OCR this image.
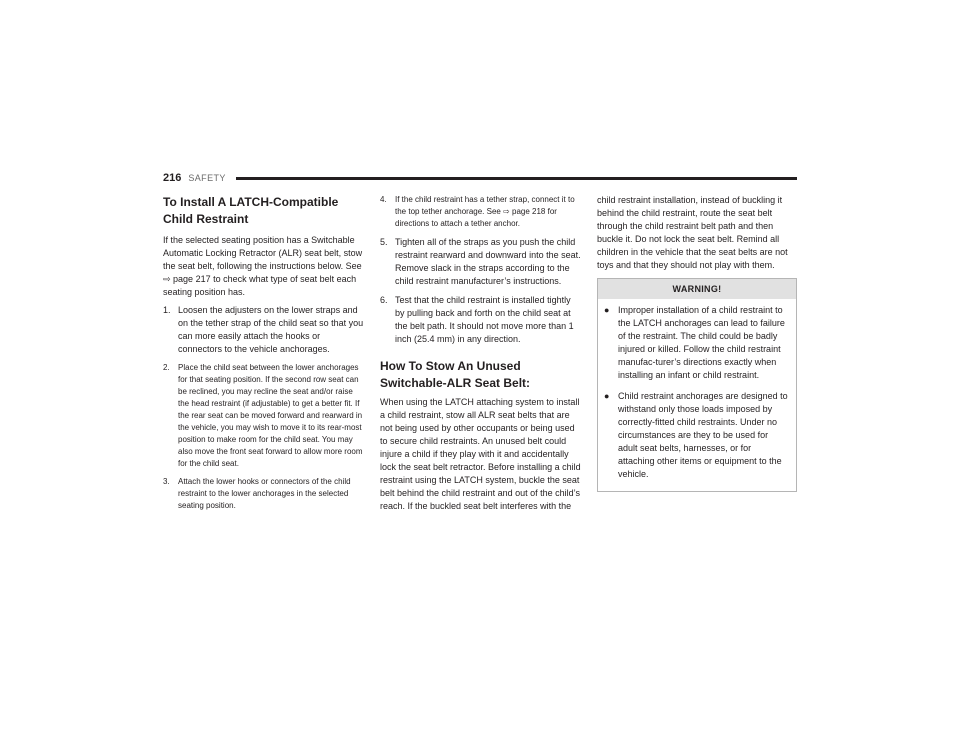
216 SAFETY
To Install A LATCH-Compatible Child Restraint

If the selected seating position has a Switchable Automatic Locking Retractor (ALR) seat belt, stow the seat belt, following the instructions below. See ⇨ page 217 to check what type of seat belt each seating position has.

1. Loosen the adjusters on the lower straps and on the tether strap of the child seat so that you can more easily attach the hooks or connectors to the vehicle anchorages.
2. Place the child seat between the lower anchorages for that seating position. If the second row seat can be reclined, you may recline the seat and/or raise the head restraint (if adjustable) to get a better fit. If the rear seat can be moved forward and rearward in the vehicle, you may wish to move it to its rear-most position to make room for the child seat. You may also move the front seat forward to allow more room for the child seat.
3. Attach the lower hooks or connectors of the child restraint to the lower anchorages in the selected seating position.
4. If the child restraint has a tether strap, connect it to the top tether anchorage. See ⇨ page 218 for directions to attach a tether anchor.
5. Tighten all of the straps as you push the child restraint rearward and downward into the seat. Remove slack in the straps according to the child restraint manufacturer’s instructions.
6. Test that the child restraint is installed tightly by pulling back and forth on the child seat at the belt path. It should not move more than 1 inch (25.4 mm) in any direction.
How To Stow An Unused Switchable-ALR Seat Belt:

When using the LATCH attaching system to install a child restraint, stow all ALR seat belts that are not being used by other occupants or being used to secure child restraints. An unused belt could injure a child if they play with it and accidentally lock the seat belt retractor. Before installing a child restraint using the LATCH system, buckle the seat belt behind the child restraint and out of the child’s reach. If the buckled seat belt interferes with the

child restraint installation, instead of buckling it behind the child restraint, route the seat belt through the child restraint belt path and then buckle it. Do not lock the seat belt. Remind all children in the vehicle that the seat belts are not toys and that they should not play with them.

WARNING!
● Improper installation of a child restraint to the LATCH anchorages can lead to failure of the restraint. The child could be badly injured or killed. Follow the child restraint manufac-turer’s directions exactly when installing an infant or child restraint.
● Child restraint anchorages are designed to withstand only those loads imposed by correctly-fitted child restraints. Under no circumstances are they to be used for adult seat belts, harnesses, or for attaching other items or equipment to the vehicle.
